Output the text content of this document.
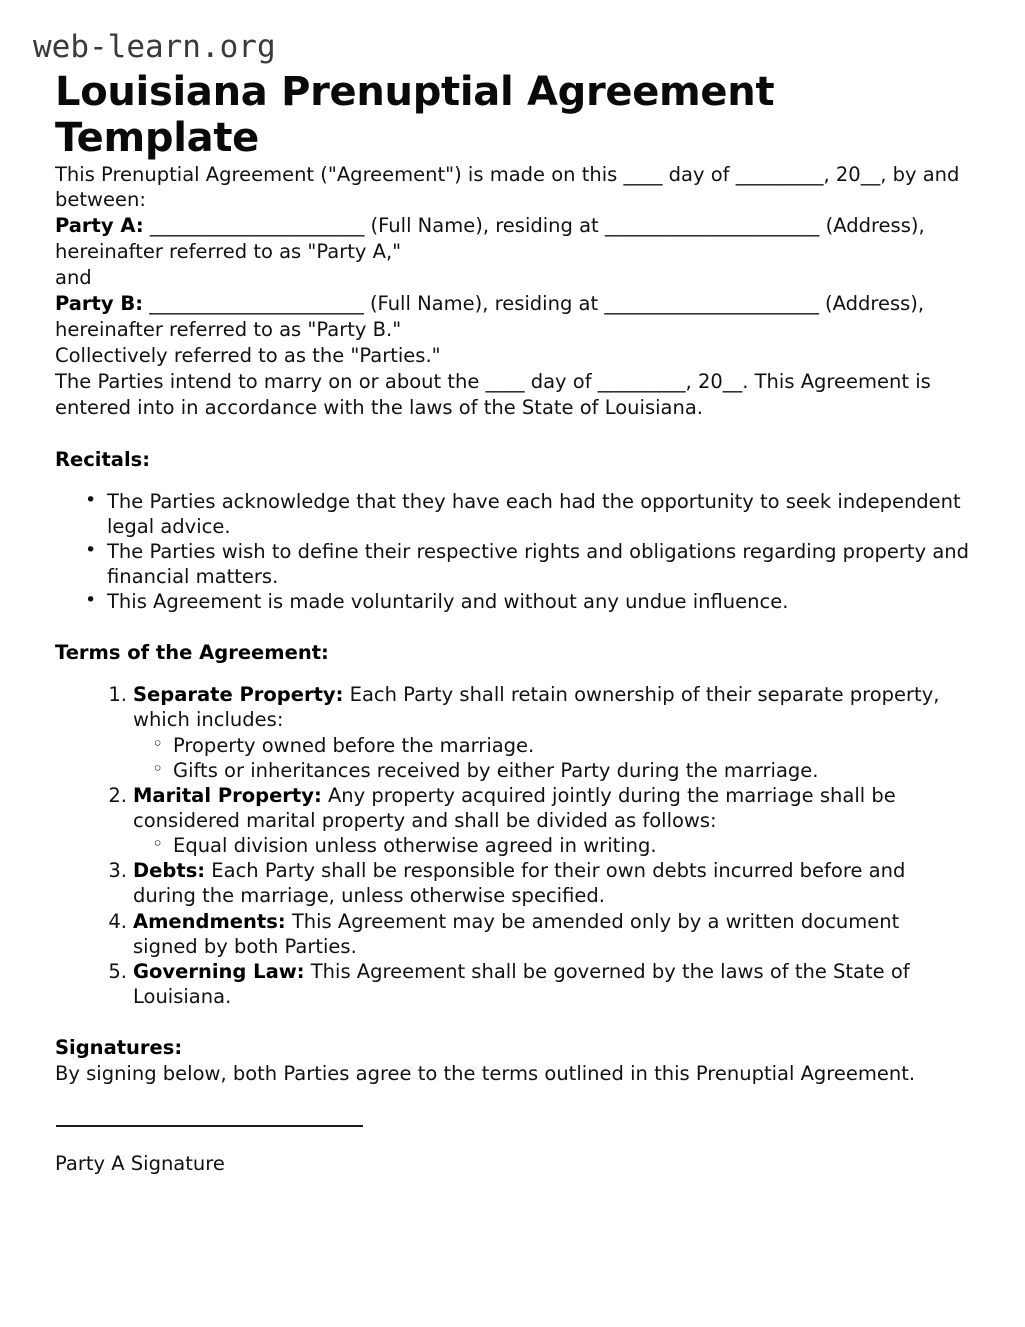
web-learn.org
Louisiana Prenuptial Agreement Template

This Prenuptial Agreement ("Agreement") is made on this ____ day of _________, 20__, by and between:

Party A: ______________________ (Full Name), residing at ______________________ (Address), hereinafter referred to as "Party A,"

and

Party B: ______________________ (Full Name), residing at ______________________ (Address), hereinafter referred to as "Party B."

Collectively referred to as the "Parties."

The Parties intend to marry on or about the ____ day of _________, 20__. This Agreement is entered into in accordance with the laws of the State of Louisiana.

Recitals:
• The Parties acknowledge that they have each had the opportunity to seek independent legal advice.
• The Parties wish to define their respective rights and obligations regarding property and financial matters.
• This Agreement is made voluntarily and without any undue influence.
Terms of the Agreement:
Separate Property: Each Party shall retain ownership of their separate property, which includes:
◦ Property owned before the marriage.
◦ Gifts or inheritances received by either Party during the marriage.
Marital Property: Any property acquired jointly during the marriage shall be considered marital property and shall be divided as follows:
◦ Equal division unless otherwise agreed in writing.
Debts: Each Party shall be responsible for their own debts incurred before and during the marriage, unless otherwise specified.
Amendments: This Agreement may be amended only by a written document signed by both Parties.
Governing Law: This Agreement shall be governed by the laws of the State of Louisiana.
Signatures:

By signing below, both Parties agree to the terms outlined in this Prenuptial Agreement.

Party A Signature
